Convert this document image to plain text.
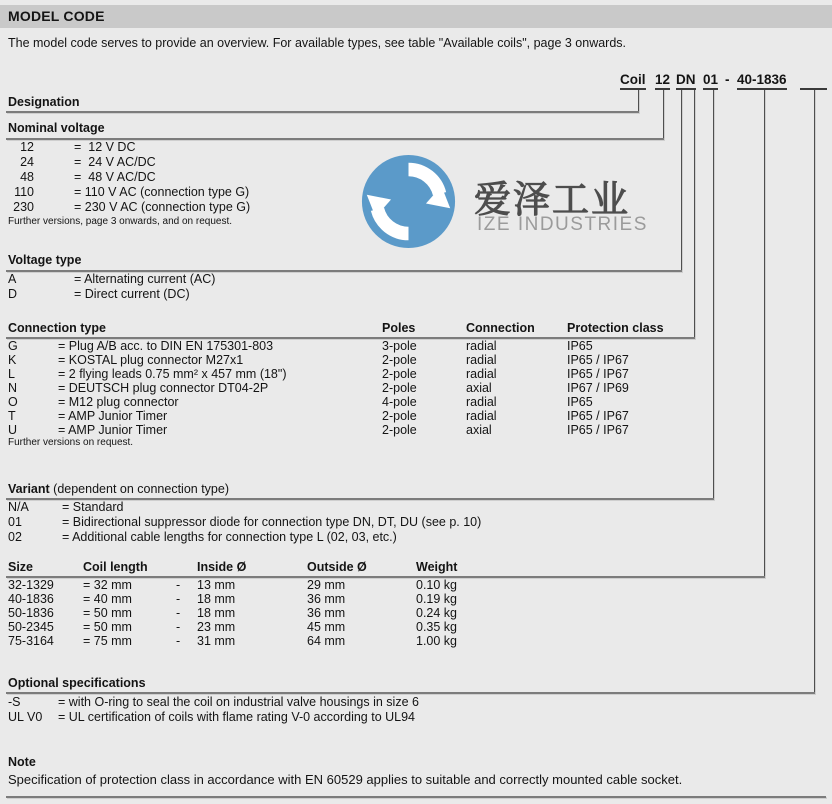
MODEL CODE
The model code serves to provide an overview. For available types, see table "Available coils", page 3 onwards.
爱泽工业
IZE INDUSTRIES
Coil 12 DN 01 - 40-1836
Designation
Nominal voltage
12	=  12 V DC
24	=  24 V AC/DC
48	=  48 V AC/DC
110	= 110 V AC (connection type G)
230	= 230 V AC (connection type G)
Further versions, page 3 onwards, and on request.
Voltage type
A	= Alternating current (AC)
D	= Direct current (DC)
Connection type	Poles	Connection	Protection class
G	= Plug A/B acc. to DIN EN 175301-803	3-pole	radial	IP65
K	= KOSTAL plug connector M27x1	2-pole	radial	IP65 / IP67
L	= 2 flying leads 0.75 mm² x 457 mm (18")	2-pole	radial	IP65 / IP67
N	= DEUTSCH plug connector DT04-2P	2-pole	axial	IP67 / IP69
O	= M12 plug connector	4-pole	radial	IP65
T	= AMP Junior Timer	2-pole	radial	IP65 / IP67
U	= AMP Junior Timer	2-pole	axial	IP65 / IP67
Further versions on request.
Variant (dependent on connection type)
N/A	= Standard
01	= Bidirectional suppressor diode for connection type DN, DT, DU (see p. 10)
02	= Additional cable lengths for connection type L (02, 03, etc.)
Size	Coil length	Inside Ø	Outside Ø	Weight
32-1329	= 32 mm	-	13 mm	29 mm	0.10 kg
40-1836	= 40 mm	-	18 mm	36 mm	0.19 kg
50-1836	= 50 mm	-	18 mm	36 mm	0.24 kg
50-2345	= 50 mm	-	23 mm	45 mm	0.35 kg
75-3164	= 75 mm	-	31 mm	64 mm	1.00 kg
Optional specifications
-S	= with O-ring to seal the coil on industrial valve housings in size 6
UL V0	= UL certification of coils with flame rating V-0 according to UL94
Note
Specification of protection class in accordance with EN 60529 applies to suitable and correctly mounted cable socket.
